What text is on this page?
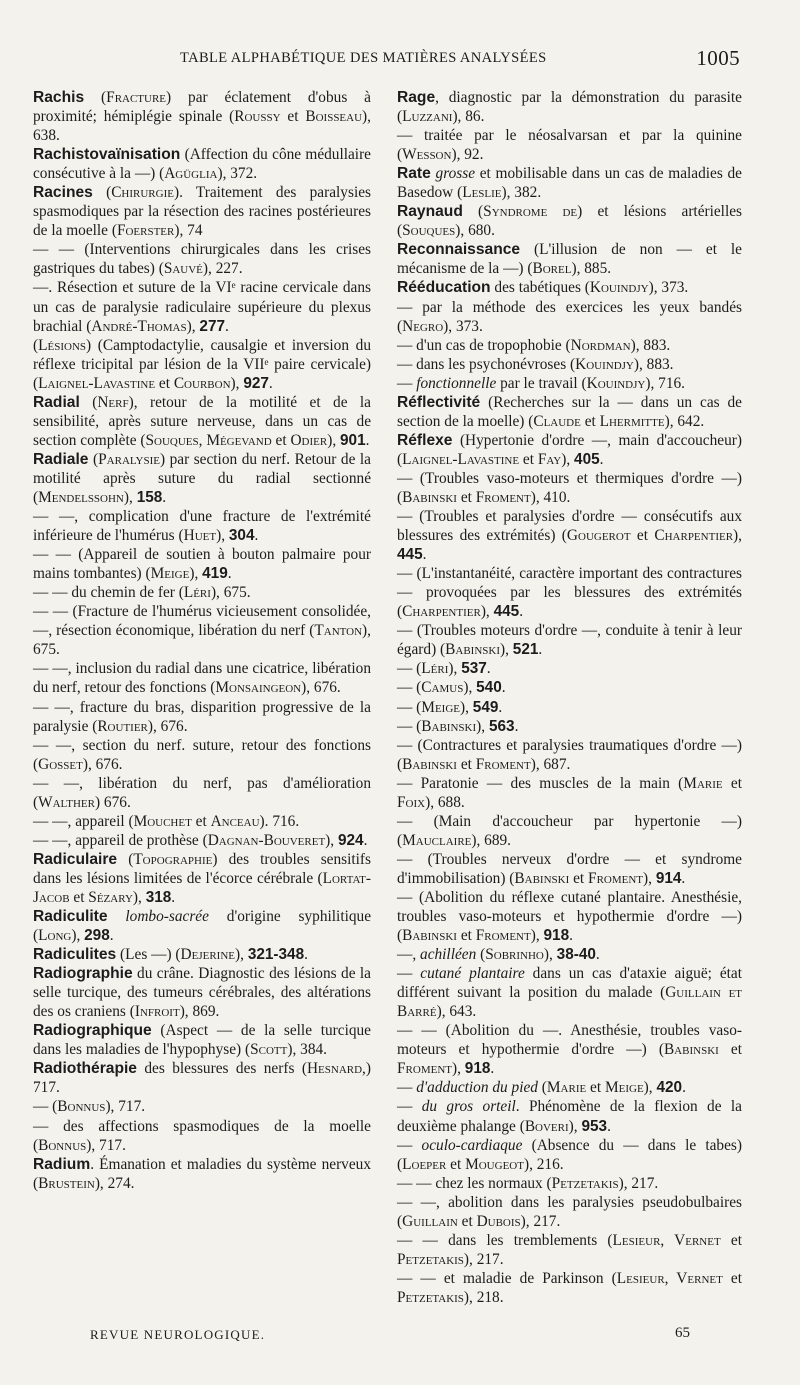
TABLE ALPHABÉTIQUE DES MATIÈRES ANALYSÉES	1005

Rachis (Fracture) par éclatement d'obus à proximité; hémiplégie spinale (Roussy et Boisseau), 638.

Rachistovaïnisation (Affection du cône médullaire consécutive à la —) (Agüglia), 372.

Racines (Chirurgie). Traitement des paralysies spasmodiques par la résection des racines postérieures de la moelle (Foerster), 74

— — (Interventions chirurgicales dans les crises gastriques du tabes) (Sauvé), 227.

—. Résection et suture de la VIᵉ racine cervicale dans un cas de paralysie radiculaire supérieure du plexus brachial (André-Thomas), 277.

(Lésions) (Camptodactylie, causalgie et inversion du réflexe tricipital par lésion de la VIIᵉ paire cervicale) (Laignel-Lavastine et Courbon), 927.

Radial (Nerf), retour de la motilité et de la sensibilité, après suture nerveuse, dans un cas de section complète (Souques, Mégevand et Odier), 901.

Radiale (Paralysie) par section du nerf. Retour de la motilité après suture du radial sectionné (Mendelssohn), 158.

— —, complication d'une fracture de l'extrémité inférieure de l'humérus (Huet), 304.

— — (Appareil de soutien à bouton palmaire pour mains tombantes) (Meige), 419.

— — du chemin de fer (Léri), 675.

— — (Fracture de l'humérus vicieusement consolidée, —, résection économique, libération du nerf (Tanton), 675.

— —, inclusion du radial dans une cicatrice, libération du nerf, retour des fonctions (Monsaingeon), 676.

— —, fracture du bras, disparition progressive de la paralysie (Routier), 676.

— —, section du nerf. suture, retour des fonctions (Gosset), 676.

— —, libération du nerf, pas d'amélioration (Walther) 676.

— —, appareil (Mouchet et Anceau). 716.

— —, appareil de prothèse (Dagnan-Bouveret), 924.

Radiculaire (Topographie) des troubles sensitifs dans les lésions limitées de l'écorce cérébrale (Lortat-Jacob et Sézary), 318.

Radiculite lombo-sacrée d'origine syphilitique (Long), 298.

Radiculites (Les —) (Dejerine), 321-348.

Radiographie du crâne. Diagnostic des lésions de la selle turcique, des tumeurs cérébrales, des altérations des os craniens (Infroit), 869.

Radiographique (Aspect — de la selle turcique dans les maladies de l'hypophyse) (Scott), 384.

Radiothérapie des blessures des nerfs (Hesnard,) 717.

— (Bonnus), 717.

— des affections spasmodiques de la moelle (Bonnus), 717.

Radium. Émanation et maladies du système nerveux (Brustein), 274.

Rage, diagnostic par la démonstration du parasite (Luzzani), 86.

— traitée par le néosalvarsan et par la quinine (Wesson), 92.

Rate grosse et mobilisable dans un cas de maladies de Basedow (Leslie), 382.

Raynaud (Syndrome de) et lésions artérielles (Souques), 680.

Reconnaissance (L'illusion de non — et le mécanisme de la —) (Borel), 885.

Rééducation des tabétiques (Kouindjy), 373.

— par la méthode des exercices les yeux bandés (Negro), 373.

— d'un cas de tropophobie (Nordman), 883.

— dans les psychonévroses (Kouindjy), 883.

— fonctionnelle par le travail (Kouindjy), 716.

Réflectivité (Recherches sur la — dans un cas de section de la moelle) (Claude et Lhermitte), 642.

Réflexe (Hypertonie d'ordre —, main d'accoucheur) (Laignel-Lavastine et Fay), 405.

— (Troubles vaso-moteurs et thermiques d'ordre —) (Babinski et Froment), 410.

— (Troubles et paralysies d'ordre — consécutifs aux blessures des extrémités) (Gougerot et Charpentier), 445.

— (L'instantanéité, caractère important des contractures — provoquées par les blessures des extrémités (Charpentier), 445.

— (Troubles moteurs d'ordre —, conduite à tenir à leur égard) (Babinski), 521.

— (Léri), 537.

— (Camus), 540.

— (Meige), 549.

— (Babinski), 563.

— (Contractures et paralysies traumatiques d'ordre —) (Babinski et Froment), 687.

— Paratonie — des muscles de la main (Marie et Foix), 688.

— (Main d'accoucheur par hypertonie —) (Mauclaire), 689.

— (Troubles nerveux d'ordre — et syndrome d'immobilisation) (Babinski et Froment), 914.

— (Abolition du réflexe cutané plantaire. Anesthésie, troubles vaso-moteurs et hypothermie d'ordre —) (Babinski et Froment), 918.

—, achilléen (Sobrinho), 38-40.

— cutané plantaire dans un cas d'ataxie aiguë; état différent suivant la position du malade (Guillain et Barré), 643.

— — (Abolition du —. Anesthésie, troubles vaso-moteurs et hypothermie d'ordre —) (Babinski et Froment), 918.

— d'adduction du pied (Marie et Meige), 420.

— du gros orteil. Phénomène de la flexion de la deuxième phalange (Boveri), 953.

— oculo-cardiaque (Absence du — dans le tabes) (Loeper et Mougeot), 216.

— — chez les normaux (Petzetakis), 217.

— —, abolition dans les paralysies pseudobulbaires (Guillain et Dubois), 217.

— — dans les tremblements (Lesieur, Vernet et Petzetakis), 217.

— — et maladie de Parkinson (Lesieur, Vernet et Petzetakis), 218.

REVUE NEUROLOGIQUE.	65
